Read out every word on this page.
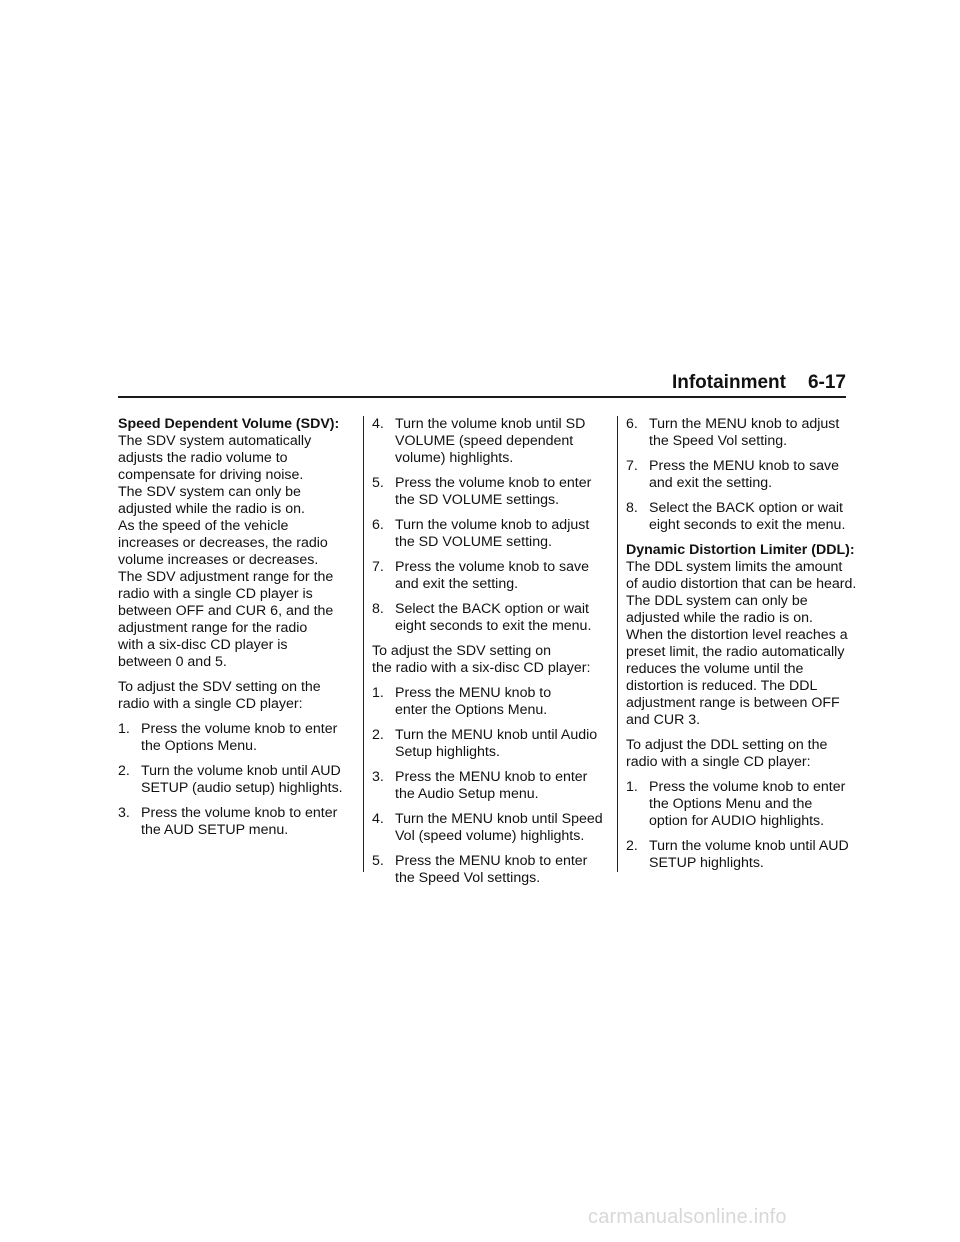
Infotainment 6-17

Speed Dependent Volume (SDV):
The SDV system automatically
adjusts the radio volume to
compensate for driving noise.
The SDV system can only be
adjusted while the radio is on.
As the speed of the vehicle
increases or decreases, the radio
volume increases or decreases.
The SDV adjustment range for the
radio with a single CD player is
between OFF and CUR 6, and the
adjustment range for the radio
with a six-disc CD player is
between 0 and 5.

To adjust the SDV setting on the
radio with a single CD player:

1. Press the volume knob to enter
the Options Menu.
2. Turn the volume knob until AUD
SETUP (audio setup) highlights.
3. Press the volume knob to enter
the AUD SETUP menu.
4. Turn the volume knob until SD
VOLUME (speed dependent
volume) highlights.
5. Press the volume knob to enter
the SD VOLUME settings.
6. Turn the volume knob to adjust
the SD VOLUME setting.
7. Press the volume knob to save
and exit the setting.
8. Select the BACK option or wait
eight seconds to exit the menu.

To adjust the SDV setting on
the radio with a six-disc CD player:

1. Press the MENU knob to
enter the Options Menu.
2. Turn the MENU knob until Audio
Setup highlights.
3. Press the MENU knob to enter
the Audio Setup menu.
4. Turn the MENU knob until Speed
Vol (speed volume) highlights.
5. Press the MENU knob to enter
the Speed Vol settings.
6. Turn the MENU knob to adjust
the Speed Vol setting.
7. Press the MENU knob to save
and exit the setting.
8. Select the BACK option or wait
eight seconds to exit the menu.

Dynamic Distortion Limiter (DDL):
The DDL system limits the amount
of audio distortion that can be heard.
The DDL system can only be
adjusted while the radio is on.
When the distortion level reaches a
preset limit, the radio automatically
reduces the volume until the
distortion is reduced. The DDL
adjustment range is between OFF
and CUR 3.

To adjust the DDL setting on the
radio with a single CD player:

1. Press the volume knob to enter
the Options Menu and the
option for AUDIO highlights.
2. Turn the volume knob until AUD
SETUP highlights.
carmanualsonline.info
